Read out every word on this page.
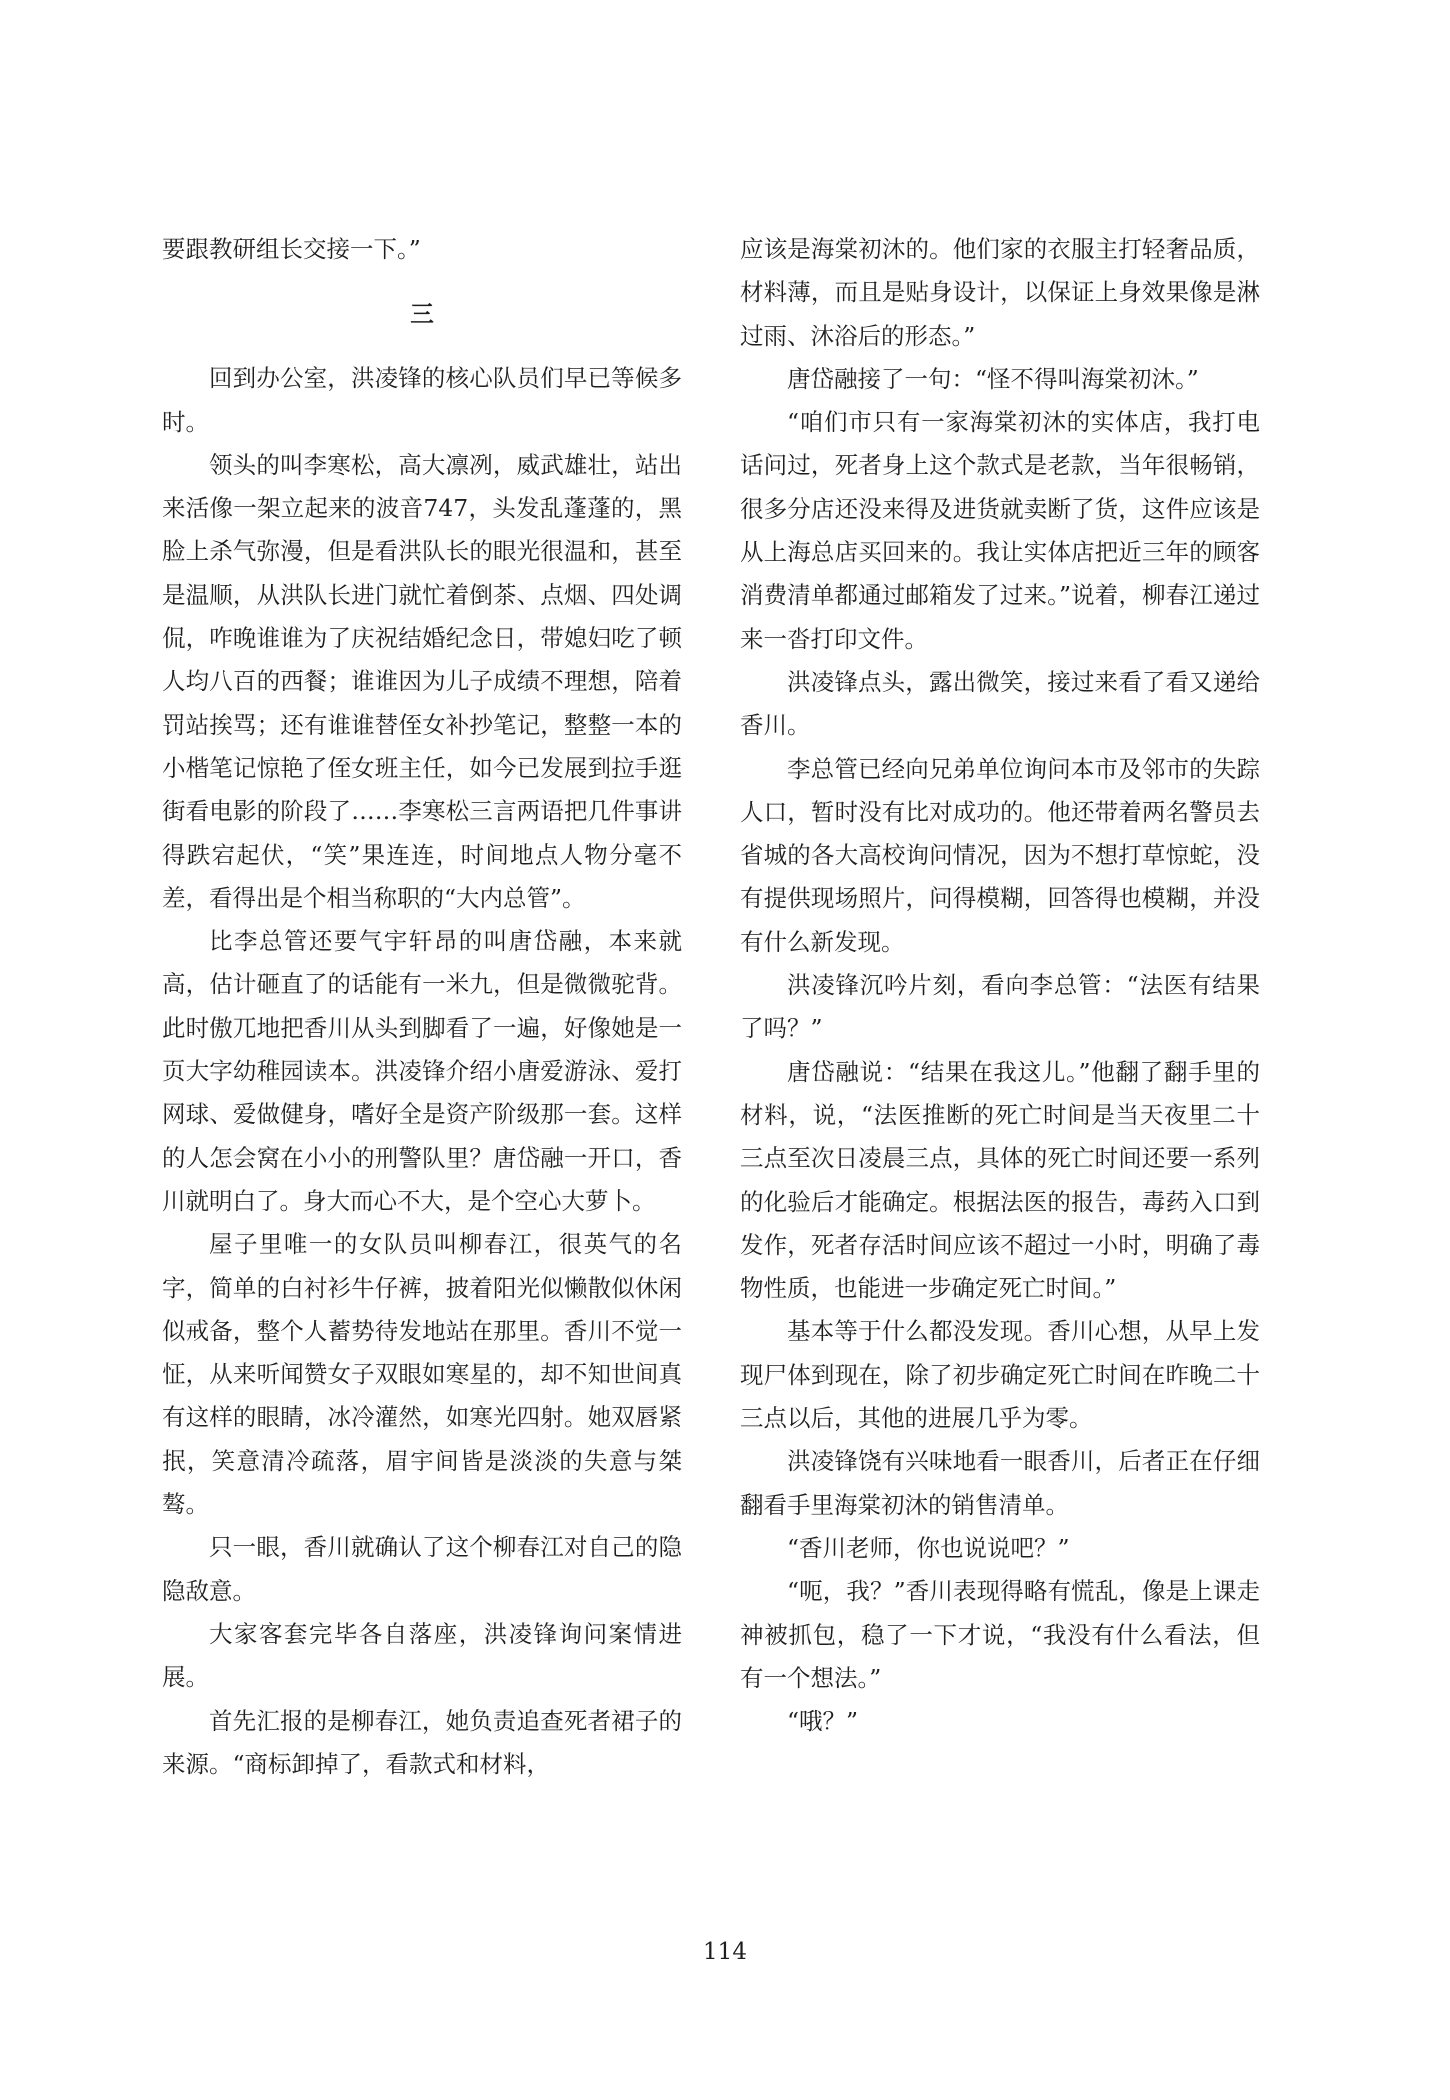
要跟教研组长交接一下。”

三

回到办公室，洪凌锋的核心队员们早已等候多时。

领头的叫李寒松，高大凛冽，威武雄壮，站出来活像一架立起来的波音747，头发乱蓬蓬的，黑脸上杀气弥漫，但是看洪队长的眼光很温和，甚至是温顺，从洪队长进门就忙着倒茶、点烟、四处调侃，咋晚谁谁为了庆祝结婚纪念日，带媳妇吃了顿人均八百的西餐；谁谁因为儿子成绩不理想，陪着罚站挨骂；还有谁谁替侄女补抄笔记，整整一本的小楷笔记惊艳了侄女班主任，如今已发展到拉手逛街看电影的阶段了……李寒松三言两语把几件事讲得跌宕起伏，“笑”果连连，时间地点人物分毫不差，看得出是个相当称职的“大内总管”。

比李总管还要气宇轩昂的叫唐岱融，本来就高，估计砸直了的话能有一米九，但是微微驼背。此时傲兀地把香川从头到脚看了一遍，好像她是一页大字幼稚园读本。洪凌锋介绍小唐爱游泳、爱打网球、爱做健身，嗜好全是资产阶级那一套。这样的人怎会窝在小小的刑警队里？唐岱融一开口，香川就明白了。身大而心不大，是个空心大萝卜。

屋子里唯一的女队员叫柳春江，很英气的名字，简单的白衬衫牛仔裤，披着阳光似懒散似休闲似戒备，整个人蓄势待发地站在那里。香川不觉一怔，从来听闻赞女子双眼如寒星的，却不知世间真有这样的眼睛，冰冷灌然，如寒光四射。她双唇紧抿，笑意清冷疏落，眉宇间皆是淡淡的失意与桀骜。

只一眼，香川就确认了这个柳春江对自己的隐隐敌意。

大家客套完毕各自落座，洪凌锋询问案情进展。

首先汇报的是柳春江，她负责追查死者裙子的来源。“商标卸掉了，看款式和材料，

应该是海棠初沐的。他们家的衣服主打轻奢品质，材料薄，而且是贴身设计，以保证上身效果像是淋过雨、沐浴后的形态。”

唐岱融接了一句：“怪不得叫海棠初沐。”

“咱们市只有一家海棠初沐的实体店，我打电话问过，死者身上这个款式是老款，当年很畅销，很多分店还没来得及进货就卖断了货，这件应该是从上海总店买回来的。我让实体店把近三年的顾客消费清单都通过邮箱发了过来。”说着，柳春江递过来一沓打印文件。

洪凌锋点头，露出微笑，接过来看了看又递给香川。

李总管已经向兄弟单位询问本市及邻市的失踪人口，暂时没有比对成功的。他还带着两名警员去省城的各大高校询问情况，因为不想打草惊蛇，没有提供现场照片，问得模糊，回答得也模糊，并没有什么新发现。

洪凌锋沉吟片刻，看向李总管：“法医有结果了吗？”

唐岱融说：“结果在我这儿。”他翻了翻手里的材料，说，“法医推断的死亡时间是当天夜里二十三点至次日凌晨三点，具体的死亡时间还要一系列的化验后才能确定。根据法医的报告，毒药入口到发作，死者存活时间应该不超过一小时，明确了毒物性质，也能进一步确定死亡时间。”

基本等于什么都没发现。香川心想，从早上发现尸体到现在，除了初步确定死亡时间在昨晚二十三点以后，其他的进展几乎为零。

洪凌锋饶有兴味地看一眼香川，后者正在仔细翻看手里海棠初沐的销售清单。

“香川老师，你也说说吧？”

“呃，我？”香川表现得略有慌乱，像是上课走神被抓包，稳了一下才说，“我没有什么看法，但有一个想法。”

“哦？”

114
